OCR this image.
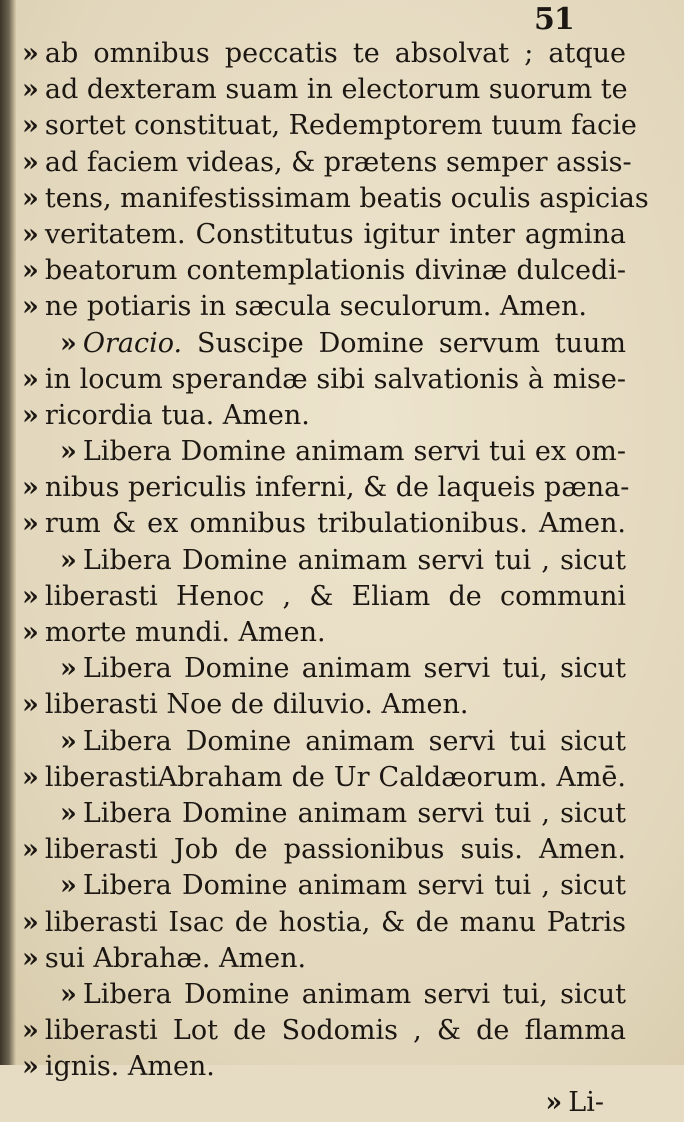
51
» ab omnibus peccatis te absolvat ; atque
» ad dexteram suam in electorum suorum te
» sortet constituat, Redemptorem tuum facie
» ad faciem videas, & prætens semper assis-
» tens, manifestissimam beatis oculis aspicias
» veritatem. Constitutus igitur inter agmina
» beatorum contemplationis divinæ dulcedi-
» ne potiaris in sæcula seculorum. Amen.
» Oracio. Suscipe Domine servum tuum
» in locum sperandæ sibi salvationis à mise-
» ricordia tua. Amen.
» Libera Domine animam servi tui ex om-
» nibus periculis inferni, & de laqueis pæna-
» rum & ex omnibus tribulationibus. Amen.
» Libera Domine animam servi tui , sicut
» liberasti Henoc , & Eliam de communi
» morte mundi. Amen.
» Libera Domine animam servi tui, sicut
» liberasti Noe de diluvio. Amen.
» Libera Domine animam servi tui sicut
» liberastiAbraham de Ur Caldæorum. Amē.
» Libera Domine animam servi tui , sicut
» liberasti Job de passionibus suis. Amen.
» Libera Domine animam servi tui , sicut
» liberasti Isac de hostia, & de manu Patris
» sui Abrahæ. Amen.
» Libera Domine animam servi tui, sicut
» liberasti Lot de Sodomis , & de flamma
» ignis. Amen.
» Li-
